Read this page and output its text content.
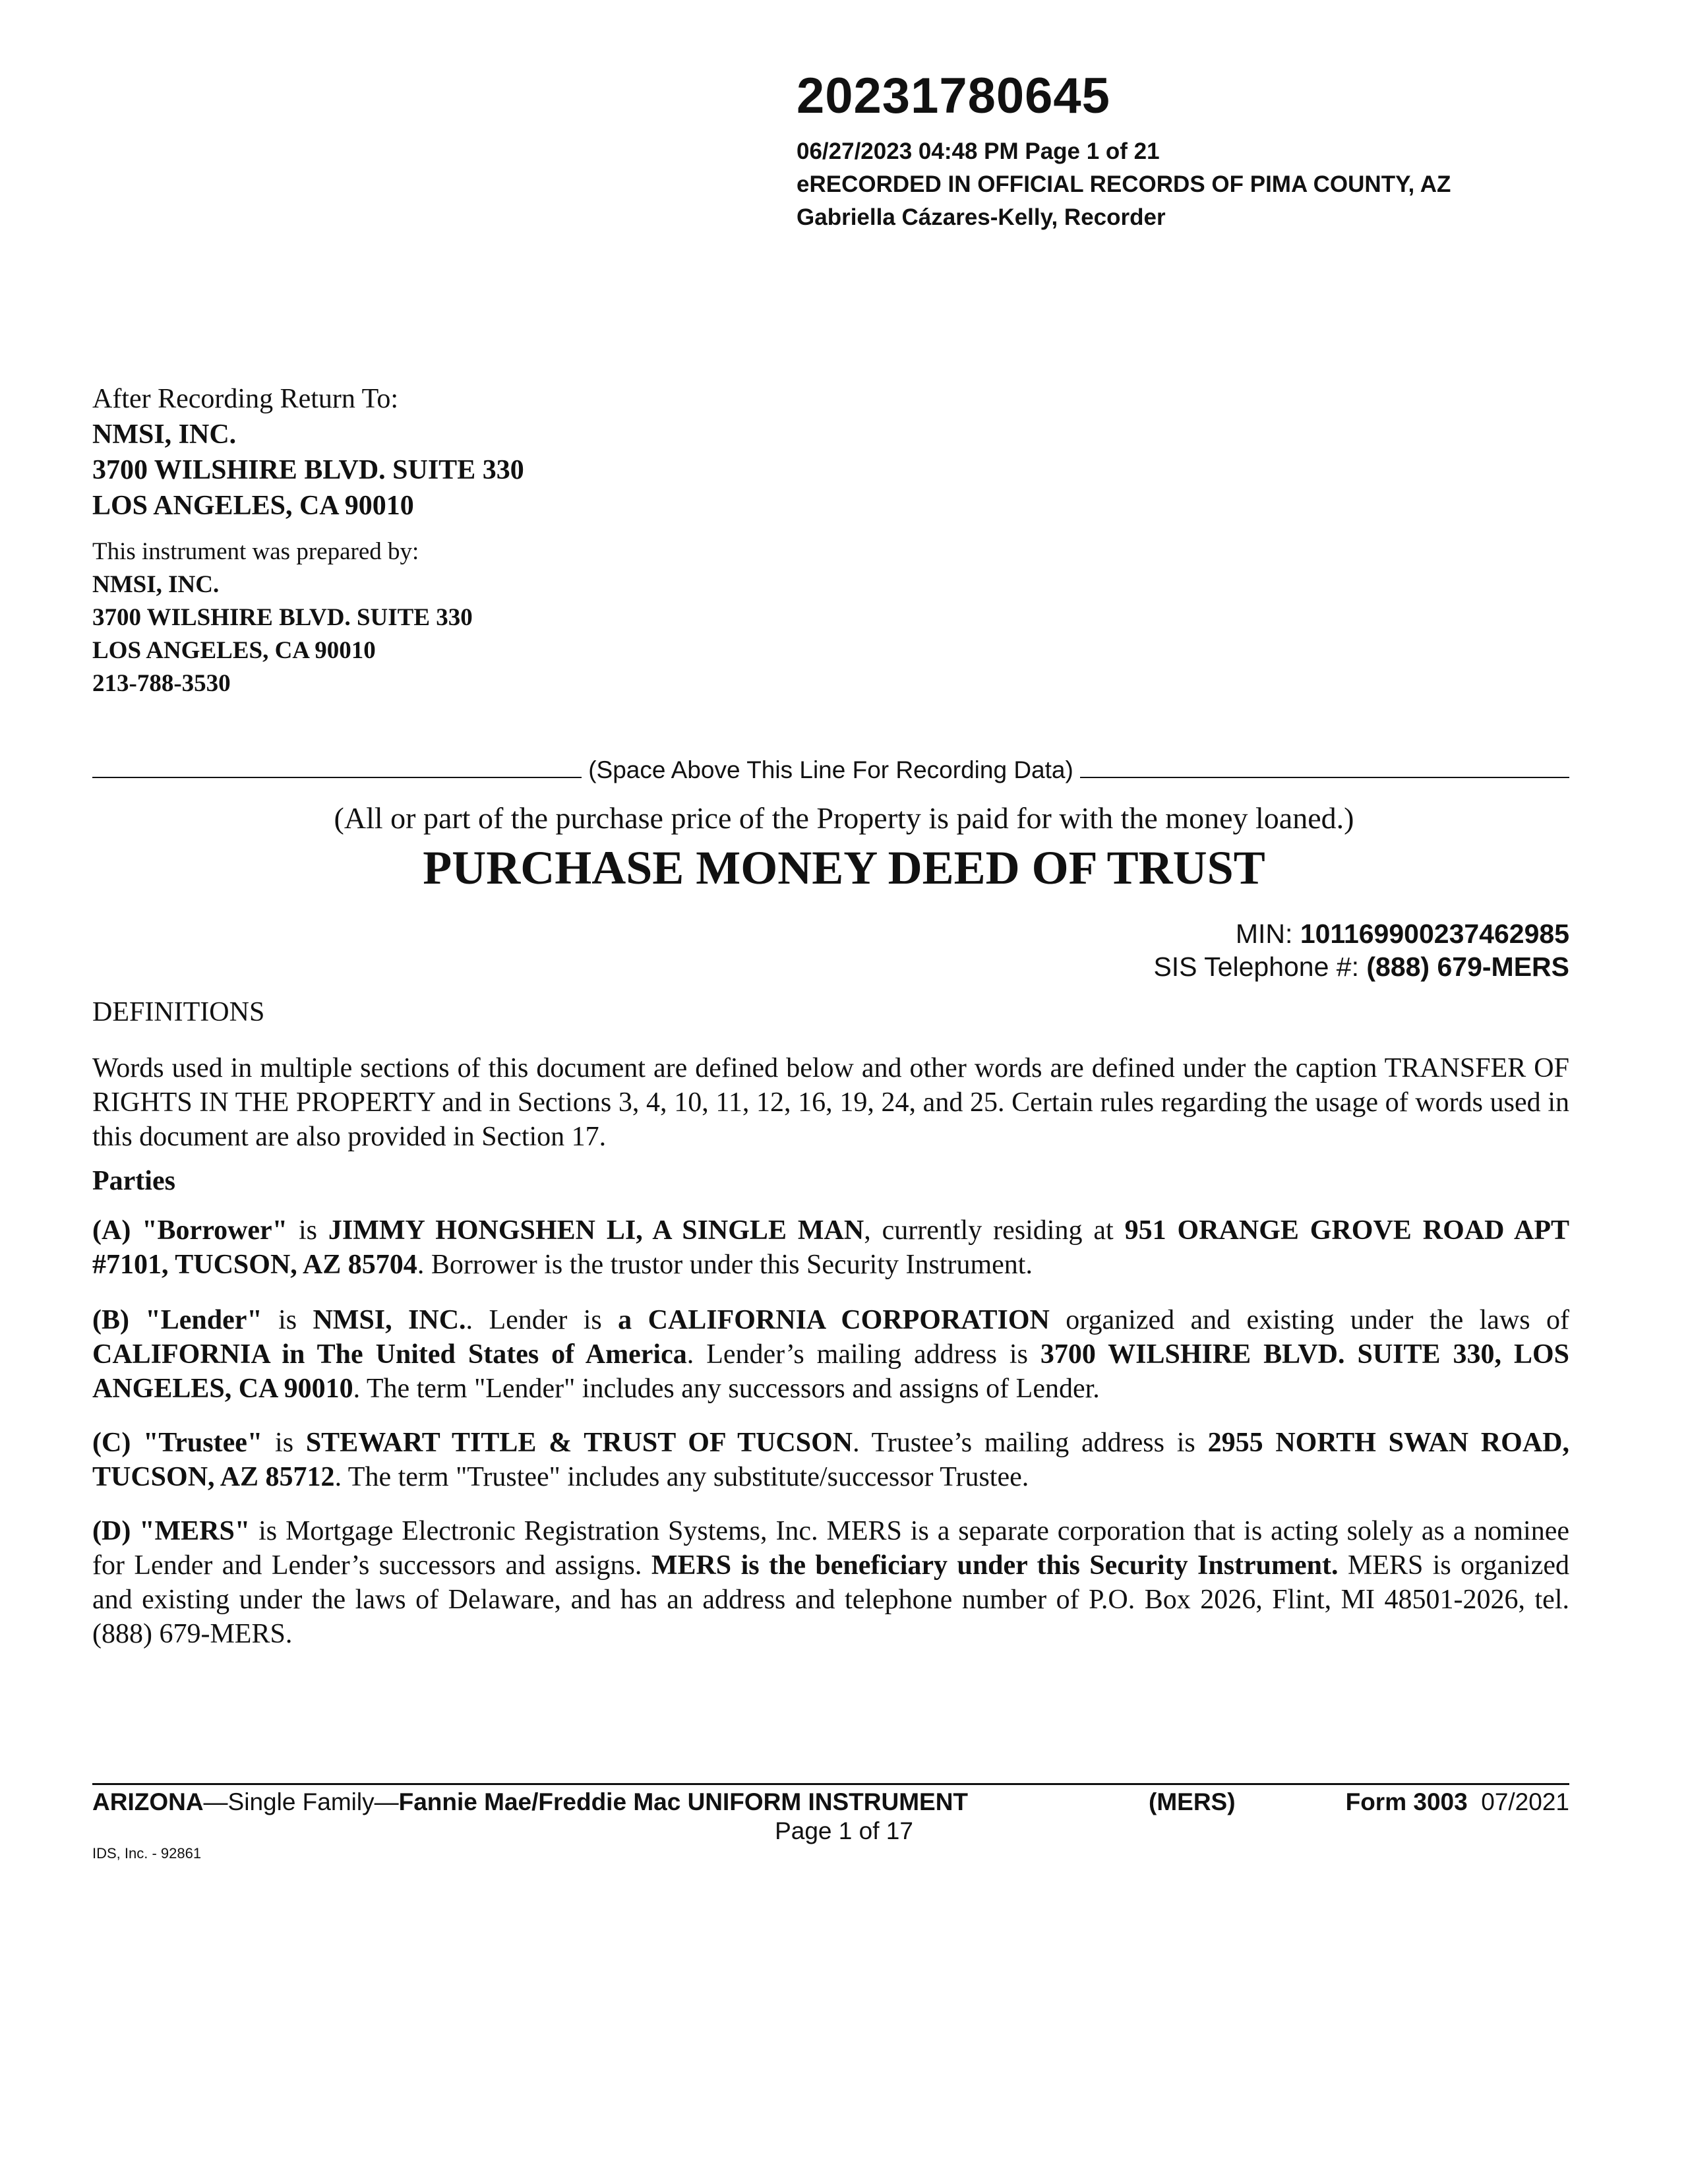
20231780645
06/27/2023 04:48 PM Page 1 of 21
eRECORDED IN OFFICIAL RECORDS OF PIMA COUNTY, AZ
Gabriella Cázares-Kelly, Recorder
After Recording Return To:
NMSI, INC.
3700 WILSHIRE BLVD. SUITE 330
LOS ANGELES, CA 90010
This instrument was prepared by:
NMSI, INC.
3700 WILSHIRE BLVD. SUITE 330
LOS ANGELES, CA 90010
213-788-3530
(Space Above This Line For Recording Data)
(All or part of the purchase price of the Property is paid for with the money loaned.)
PURCHASE MONEY DEED OF TRUST
MIN: 101169900237462985
SIS Telephone #: (888) 679-MERS
DEFINITIONS
Words used in multiple sections of this document are defined below and other words are defined under the caption TRANSFER OF RIGHTS IN THE PROPERTY and in Sections 3, 4, 10, 11, 12, 16, 19, 24, and 25. Certain rules regarding the usage of words used in this document are also provided in Section 17.
Parties
(A) "Borrower" is JIMMY HONGSHEN LI, A SINGLE MAN, currently residing at 951 ORANGE GROVE ROAD APT #7101, TUCSON, AZ 85704. Borrower is the trustor under this Security Instrument.
(B) "Lender" is NMSI, INC.. Lender is a CALIFORNIA CORPORATION organized and existing under the laws of CALIFORNIA in The United States of America. Lender’s mailing address is 3700 WILSHIRE BLVD. SUITE 330, LOS ANGELES, CA 90010. The term "Lender" includes any successors and assigns of Lender.
(C) "Trustee" is STEWART TITLE & TRUST OF TUCSON. Trustee’s mailing address is 2955 NORTH SWAN ROAD, TUCSON, AZ 85712. The term "Trustee" includes any substitute/successor Trustee.
(D) "MERS" is Mortgage Electronic Registration Systems, Inc. MERS is a separate corporation that is acting solely as a nominee for Lender and Lender’s successors and assigns. MERS is the beneficiary under this Security Instrument. MERS is organized and existing under the laws of Delaware, and has an address and telephone number of P.O. Box 2026, Flint, MI 48501-2026, tel. (888) 679-MERS.
ARIZONA—Single Family—Fannie Mae/Freddie Mac UNIFORM INSTRUMENT	(MERS)	Form 3003 07/2021
Page 1 of 17
IDS, Inc. - 92861
